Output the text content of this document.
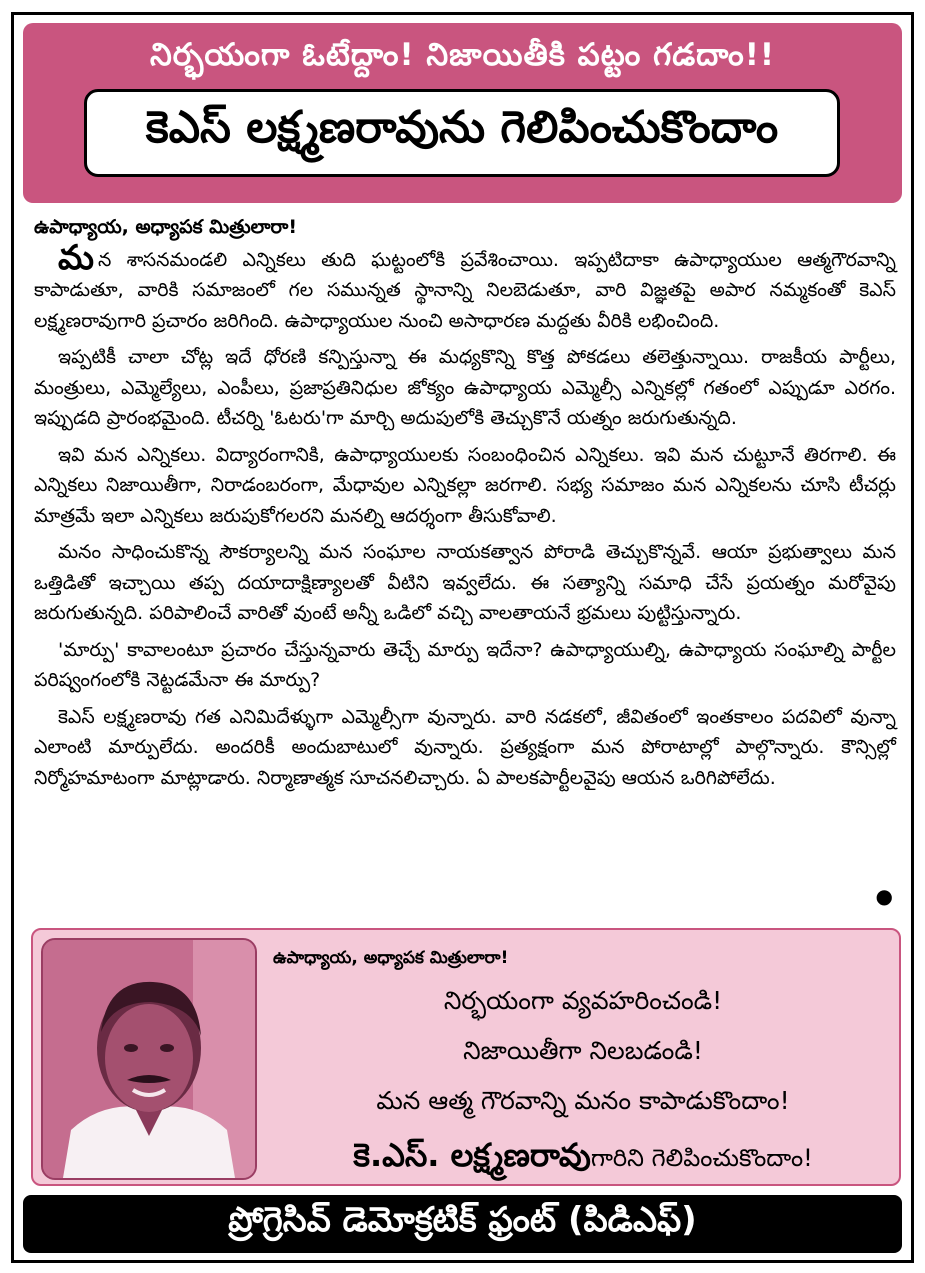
నిర్భయంగా ఓటేద్దాం! నిజాయితీకి పట్టం గడదాం!!
కెఎస్ లక్ష్మణరావును గెలిపించుకొందాం
ఉపాధ్యాయ, అధ్యాపక మిత్రులారా!

మన శాసనమండలి ఎన్నికలు తుది ఘట్టంలోకి ప్రవేశించాయి. ఇప్పటిదాకా ఉపాధ్యాయుల ఆత్మగౌరవాన్ని కాపాడుతూ, వారికి సమాజంలో గల సమున్నత స్థానాన్ని నిలబెడుతూ, వారి విజ్ఞతపై అపార నమ్మకంతో కెఎస్ లక్ష్మణరావుగారి ప్రచారం జరిగింది. ఉపాధ్యాయుల నుంచి అసాధారణ మద్దతు వీరికి లభించింది.

ఇప్పటికీ చాలా చోట్ల ఇదే ధోరణి కన్పిస్తున్నా ఈ మధ్యకొన్ని కొత్త పోకడలు తలెత్తున్నాయి. రాజకీయ పార్టీలు, మంత్రులు, ఎమ్మెల్యేలు, ఎంపీలు, ప్రజాప్రతినిధుల జోక్యం ఉపాధ్యాయ ఎమ్మెల్సీ ఎన్నికల్లో గతంలో ఎప్పుడూ ఎరగం. ఇప్పుడది ప్రారంభమైంది. టీచర్ని 'ఓటరు'గా మార్చి అదుపులోకి తెచ్చుకొనే యత్నం జరుగుతున్నది.

ఇవి మన ఎన్నికలు. విద్యారంగానికి, ఉపాధ్యాయులకు సంబంధించిన ఎన్నికలు. ఇవి మన చుట్టూనే తిరగాలి. ఈ ఎన్నికలు నిజాయితీగా, నిరాడంబరంగా, మేధావుల ఎన్నికల్లా జరగాలి. సభ్య సమాజం మన ఎన్నికలను చూసి టీచర్లు మాత్రమే ఇలా ఎన్నికలు జరుపుకోగలరని మనల్ని ఆదర్శంగా తీసుకోవాలి.

మనం సాధించుకొన్న సౌకర్యాలన్ని మన సంఘాల నాయకత్వాన పోరాడి తెచ్చుకొన్నవే. ఆయా ప్రభుత్వాలు మన ఒత్తిడితో ఇచ్చాయి తప్ప దయాదాక్షిణ్యాలతో వీటిని ఇవ్వలేదు. ఈ సత్యాన్ని సమాధి చేసే ప్రయత్నం మరోవైపు జరుగుతున్నది. పరిపాలించే వారితో వుంటే అన్నీ ఒడిలో వచ్చి వాలతాయనే భ్రమలు పుట్టిస్తున్నారు.

'మార్పు' కావాలంటూ ప్రచారం చేస్తున్నవారు తెచ్చే మార్పు ఇదేనా? ఉపాధ్యాయుల్ని, ఉపాధ్యాయ సంఘాల్ని పార్టీల పరిష్వంగంలోకి నెట్టడమేనా ఈ మార్పు?

కెఎస్ లక్ష్మణరావు గత ఎనిమిదేళ్ళుగా ఎమ్మెల్సీగా వున్నారు. వారి నడకలో, జీవితంలో ఇంతకాలం పదవిలో వున్నా ఎలాంటి మార్పులేదు. అందరికీ అందుబాటులో వున్నారు. ప్రత్యక్షంగా మన పోరాటాల్లో పాల్గొన్నారు. కౌన్సిల్లో నిర్మోహమాటంగా మాట్లాడారు. నిర్మాణాత్మక సూచనలిచ్చారు. ఏ పాలకపార్టీలవైపు ఆయన ఒరిగిపోలేదు.

●
ఉపాధ్యాయ, అధ్యాపక మిత్రులారా!
నిర్భయంగా వ్యవహరించండి!
నిజాయితీగా నిలబడండి!
మన ఆత్మ గౌరవాన్ని మనం కాపాడుకొందాం!
కె.ఎస్. లక్ష్మణరావుగారిని గెలిపించుకొందాం!
ప్రోగ్రెసివ్ డెమోక్రటిక్ ఫ్రంట్ (పిడిఎఫ్)
